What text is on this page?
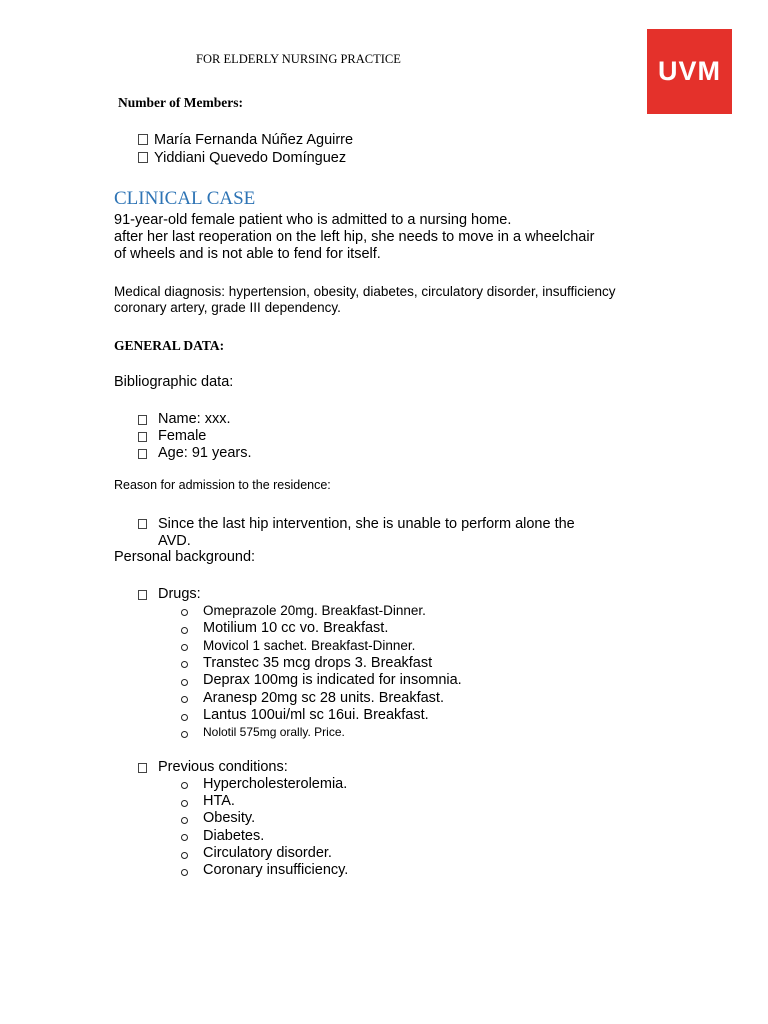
FOR ELDERLY NURSING PRACTICE	UVM
Number of Members:
María Fernanda Núñez Aguirre
Yiddiani Quevedo Domínguez
CLINICAL CASE
91-year-old female patient who is admitted to a nursing home.
after her last reoperation on the left hip, she needs to move in a wheelchair
of wheels and is not able to fend for itself.
Medical diagnosis: hypertension, obesity, diabetes, circulatory disorder, insufficiency
coronary artery, grade III dependency.
GENERAL DATA:
Bibliographic data:
Name: xxx.
Female
Age: 91 years.
Reason for admission to the residence:
Since the last hip intervention, she is unable to perform alone the
AVD.
Personal background:
Drugs:
Omeprazole 20mg. Breakfast-Dinner.
Motilium 10 cc vo. Breakfast.
Movicol 1 sachet. Breakfast-Dinner.
Transtec 35 mcg drops 3. Breakfast
Deprax 100mg is indicated for insomnia.
Aranesp 20mg sc 28 units. Breakfast.
Lantus 100ui/ml sc 16ui. Breakfast.
Nolotil 575mg orally. Price.
Previous conditions:
Hypercholesterolemia.
HTA.
Obesity.
Diabetes.
Circulatory disorder.
Coronary insufficiency.
